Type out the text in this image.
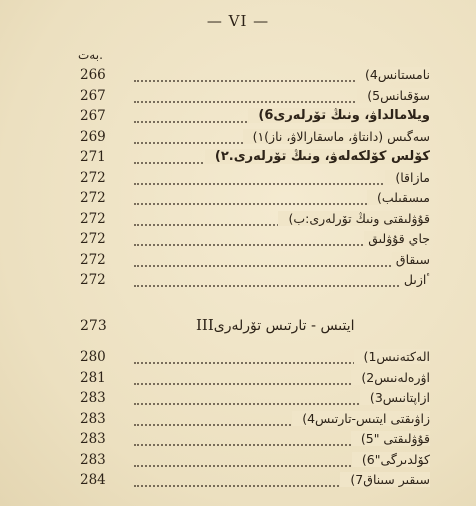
— VI —
بەت.
266	نامستانس4)
267	سۆقىانس5)
267	ويلامالداۋ، ونىڭ تۆرلەرى6)
269	سەگىس (دانتاۋ، ماسقارالاۋ، ناز)١)
271	كۆلس كۆلكەلەۋ، ونىڭ تۆرلەرى.٢)
272	مازاقا)
272	مىسقىلب)
272	قۇۋلىقتى ونىڭ تۆرلەرى:ب)
272	جاي قۇۋلىق
272	سىقاق
272	ٴازىل
273	ايتىس - تارتىس تۆرلەرىIII
280	الەكتەنىس1)
281	اۋرەلەنىس2)
283	ازاپتانىس3)
283	زاۋىقتى ايتىس-تارتىس4)
283	قۇۋلىقتى "5)
283	كۆلدىرگى"6)
284	سىقىر سىناق7)
